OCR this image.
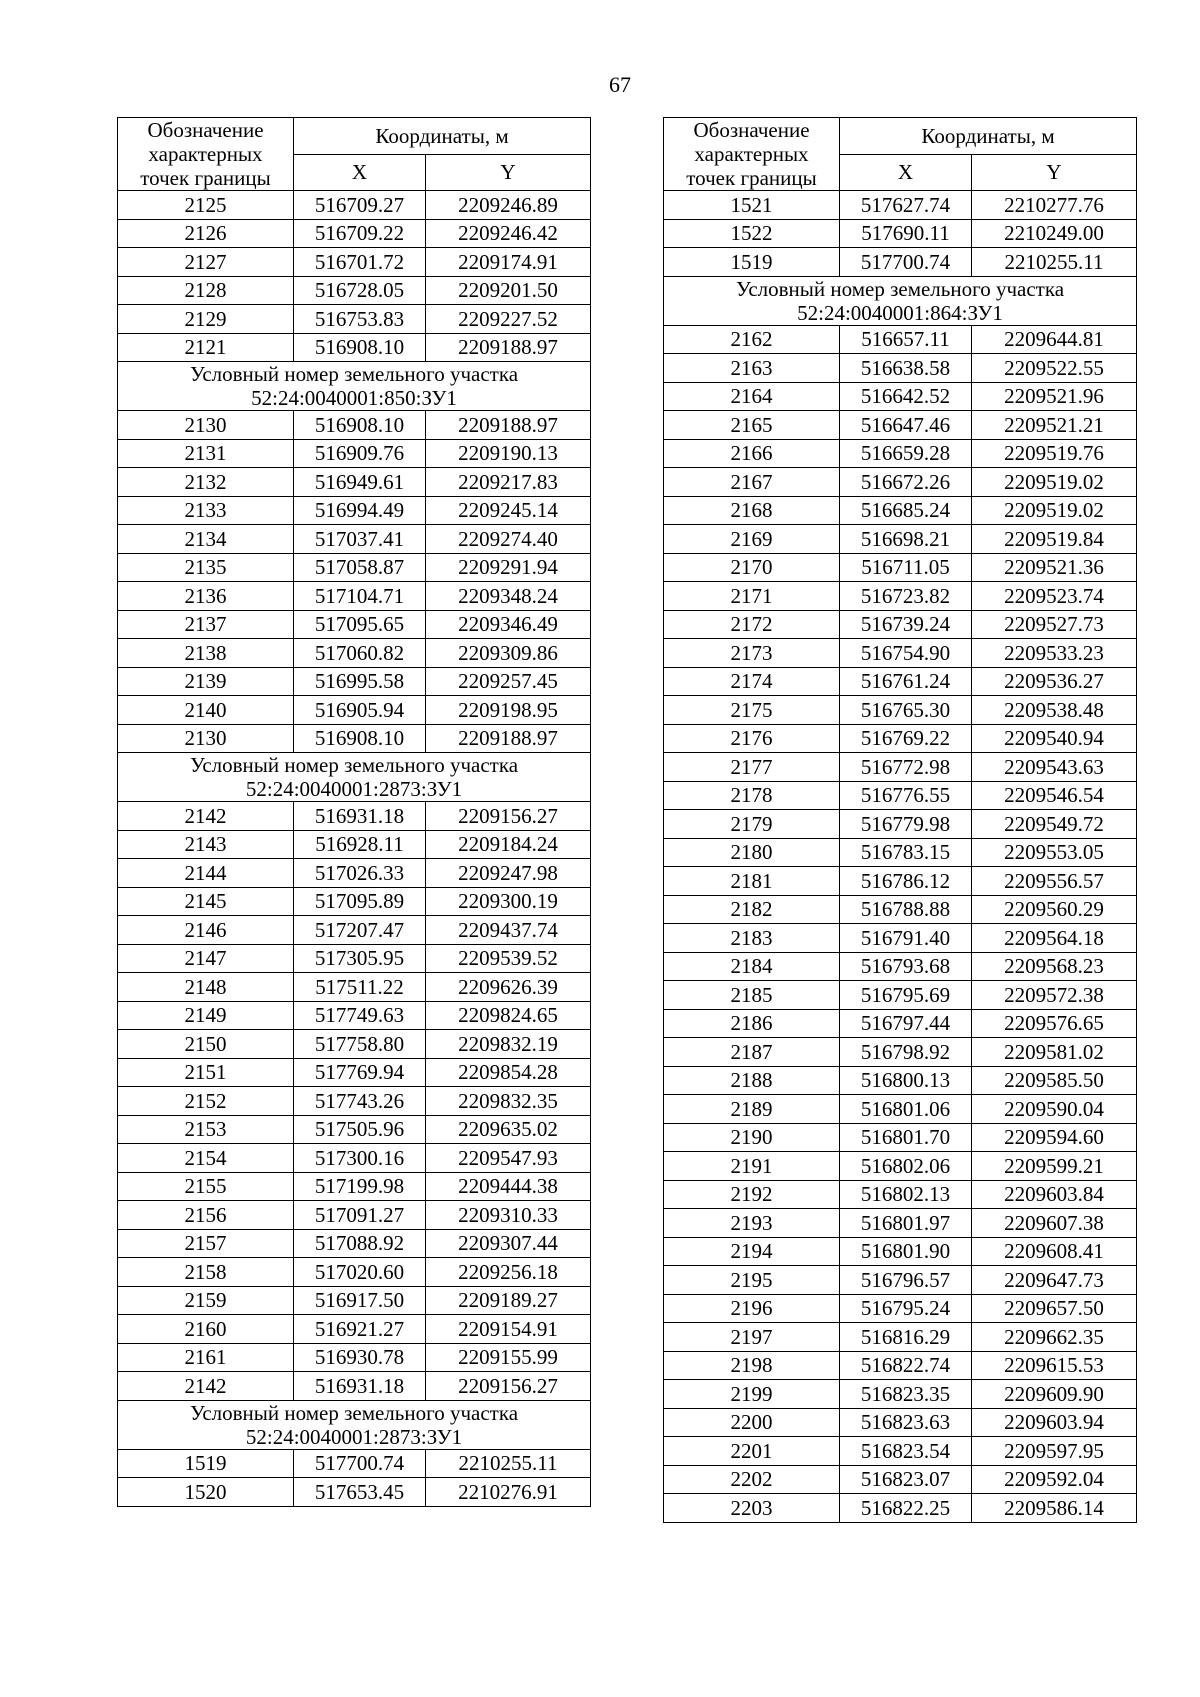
67
Обозначение
характерных
точек границы	Координаты, м	
	X	Y
2125	516709.27	2209246.89
2126	516709.22	2209246.42
2127	516701.72	2209174.91
2128	516728.05	2209201.50
2129	516753.83	2209227.52
2121	516908.10	2209188.97
Условный номер земельного участка
52:24:0040001:850:ЗУ1		
2130	516908.10	2209188.97
2131	516909.76	2209190.13
2132	516949.61	2209217.83
2133	516994.49	2209245.14
2134	517037.41	2209274.40
2135	517058.87	2209291.94
2136	517104.71	2209348.24
2137	517095.65	2209346.49
2138	517060.82	2209309.86
2139	516995.58	2209257.45
2140	516905.94	2209198.95
2130	516908.10	2209188.97
Условный номер земельного участка
52:24:0040001:2873:ЗУ1		
2142	516931.18	2209156.27
2143	516928.11	2209184.24
2144	517026.33	2209247.98
2145	517095.89	2209300.19
2146	517207.47	2209437.74
2147	517305.95	2209539.52
2148	517511.22	2209626.39
2149	517749.63	2209824.65
2150	517758.80	2209832.19
2151	517769.94	2209854.28
2152	517743.26	2209832.35
2153	517505.96	2209635.02
2154	517300.16	2209547.93
2155	517199.98	2209444.38
2156	517091.27	2209310.33
2157	517088.92	2209307.44
2158	517020.60	2209256.18
2159	516917.50	2209189.27
2160	516921.27	2209154.91
2161	516930.78	2209155.99
2142	516931.18	2209156.27
Условный номер земельного участка
52:24:0040001:2873:ЗУ1		
1519	517700.74	2210255.11
1520	517653.45	2210276.91
Обозначение
характерных
точек границы	Координаты, м	
	X	Y
1521	517627.74	2210277.76
1522	517690.11	2210249.00
1519	517700.74	2210255.11
Условный номер земельного участка
52:24:0040001:864:ЗУ1		
2162	516657.11	2209644.81
2163	516638.58	2209522.55
2164	516642.52	2209521.96
2165	516647.46	2209521.21
2166	516659.28	2209519.76
2167	516672.26	2209519.02
2168	516685.24	2209519.02
2169	516698.21	2209519.84
2170	516711.05	2209521.36
2171	516723.82	2209523.74
2172	516739.24	2209527.73
2173	516754.90	2209533.23
2174	516761.24	2209536.27
2175	516765.30	2209538.48
2176	516769.22	2209540.94
2177	516772.98	2209543.63
2178	516776.55	2209546.54
2179	516779.98	2209549.72
2180	516783.15	2209553.05
2181	516786.12	2209556.57
2182	516788.88	2209560.29
2183	516791.40	2209564.18
2184	516793.68	2209568.23
2185	516795.69	2209572.38
2186	516797.44	2209576.65
2187	516798.92	2209581.02
2188	516800.13	2209585.50
2189	516801.06	2209590.04
2190	516801.70	2209594.60
2191	516802.06	2209599.21
2192	516802.13	2209603.84
2193	516801.97	2209607.38
2194	516801.90	2209608.41
2195	516796.57	2209647.73
2196	516795.24	2209657.50
2197	516816.29	2209662.35
2198	516822.74	2209615.53
2199	516823.35	2209609.90
2200	516823.63	2209603.94
2201	516823.54	2209597.95
2202	516823.07	2209592.04
2203	516822.25	2209586.14
